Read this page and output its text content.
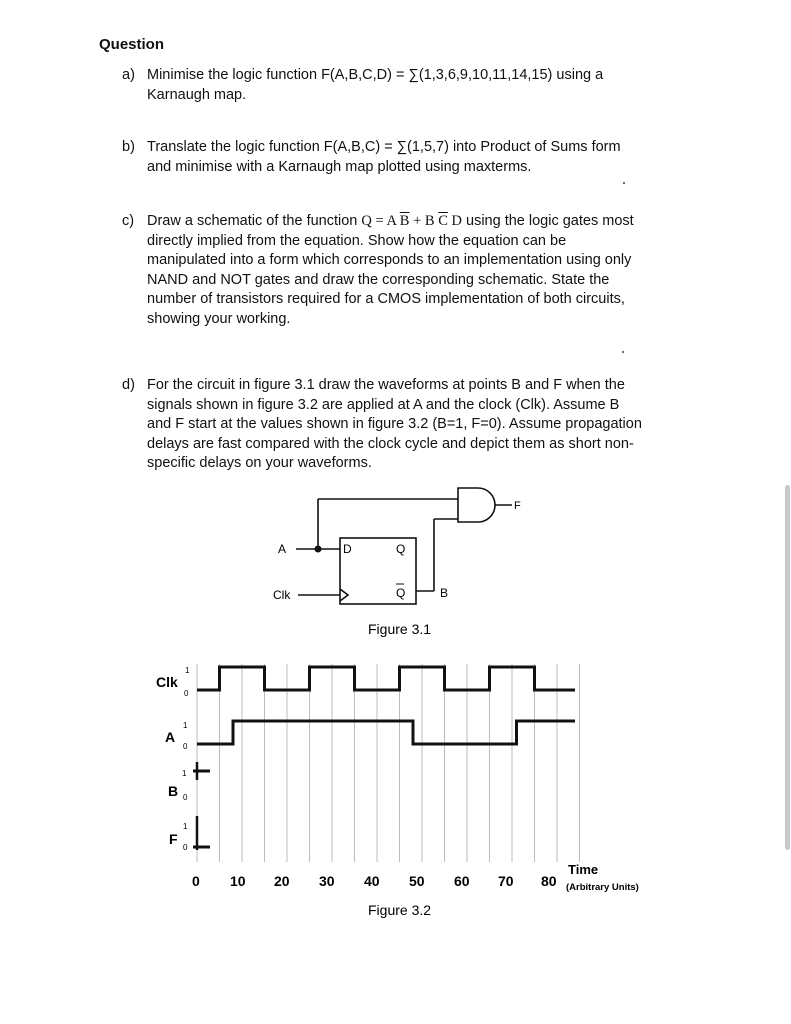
Question
a) Minimise the logic function F(A,B,C,D) = ∑(1,3,6,9,10,11,14,15) using a
Karnaugh map.
b) Translate the logic function F(A,B,C) = ∑(1,5,7) into Product of Sums form
and minimise with a Karnaugh map plotted using maxterms.
c) Draw a schematic of the function Q = A $\overline{B} + B$ $\overline{C}$ D using the logic gates most
directly implied from the equation. Show how the equation can be
manipulated into a form which corresponds to an implementation using only
NAND and NOT gates and draw the corresponding schematic. State the
number of transistors required for a CMOS implementation of both circuits,
showing your working.
d) For the circuit in figure 3.1 draw the waveforms at points B and F when the
signals shown in figure 3.2 are applied at A and the clock (Clk). Assume B
and F start at the values shown in figure 3.2 (B=1, F=0). Assume propagation
delays are fast compared with the clock cycle and depict them as short non-
specific delays on your waveforms.
A
Clk
D	Q
Q	B
F
Figure 3.1
Clk
A
B
F
1
0
1
0
1
0
1
0
0 10 20 30 40 50 60 70 80
Time
(Arbitrary Units)
Figure 3.2
